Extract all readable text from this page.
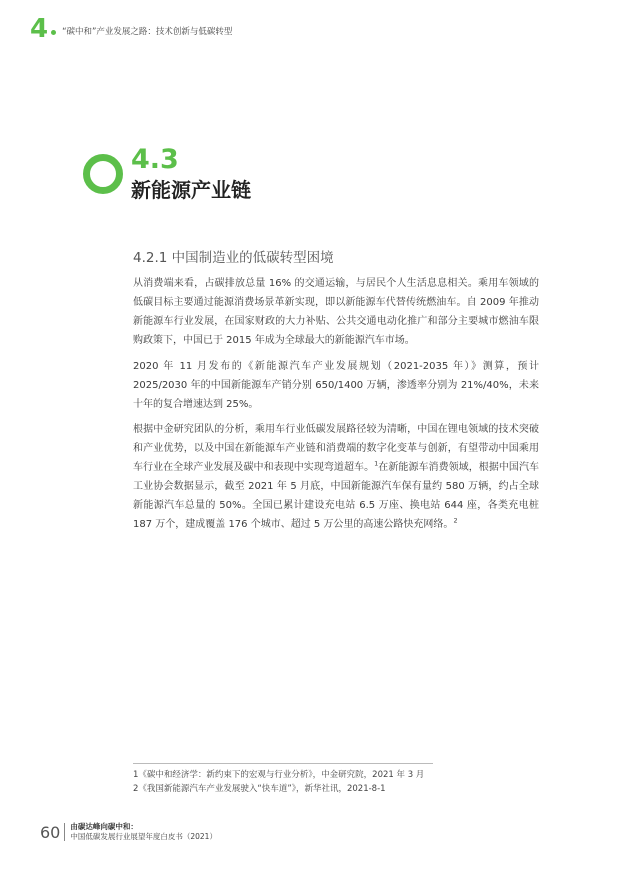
4 “碳中和”产业发展之路：技术创新与低碳转型
4.3
新能源产业链
4.2.1 中国制造业的低碳转型困境

从消费端来看，占碳排放总量 16% 的交通运输，与居民个人生活息息相关。乘用车领域的低碳目标主要通过能源消费场景革新实现，即以新能源车代替传统燃油车。自 2009 年推动新能源车行业发展，在国家财政的大力补贴、公共交通电动化推广和部分主要城市燃油车限购政策下，中国已于 2015 年成为全球最大的新能源汽车市场。

2020 年 11 月发布的《新能源汽车产业发展规划（2021-2035 年）》测算，预计 2025/2030 年的中国新能源车产销分别 650/1400 万辆，渗透率分别为 21%/40%，未来十年的复合增速达到 25%。

根据中金研究团队的分析，乘用车行业低碳发展路径较为清晰，中国在锂电领域的技术突破和产业优势，以及中国在新能源车产业链和消费端的数字化变革与创新，有望带动中国乘用车行业在全球产业发展及碳中和表现中实现弯道超车。$^1$在新能源车消费领域，根据中国汽车工业协会数据显示，截至 2021 年 5 月底，中国新能源汽车保有量约 580 万辆，约占全球新能源汽车总量的 50%。全国已累计建设充电站 6.5 万座、换电站 644 座，各类充电桩 187 万个，建成覆盖 176 个城市、超过 5 万公里的高速公路快充网络。$^2$

1《碳中和经济学：新约束下的宏观与行业分析》，中金研究院，2021 年 3 月
2《我国新能源汽车产业发展驶入“快车道”》，新华社讯，2021-8-1
60 由碳达峰向碳中和：
中国低碳发展行业展望年度白皮书（2021）
